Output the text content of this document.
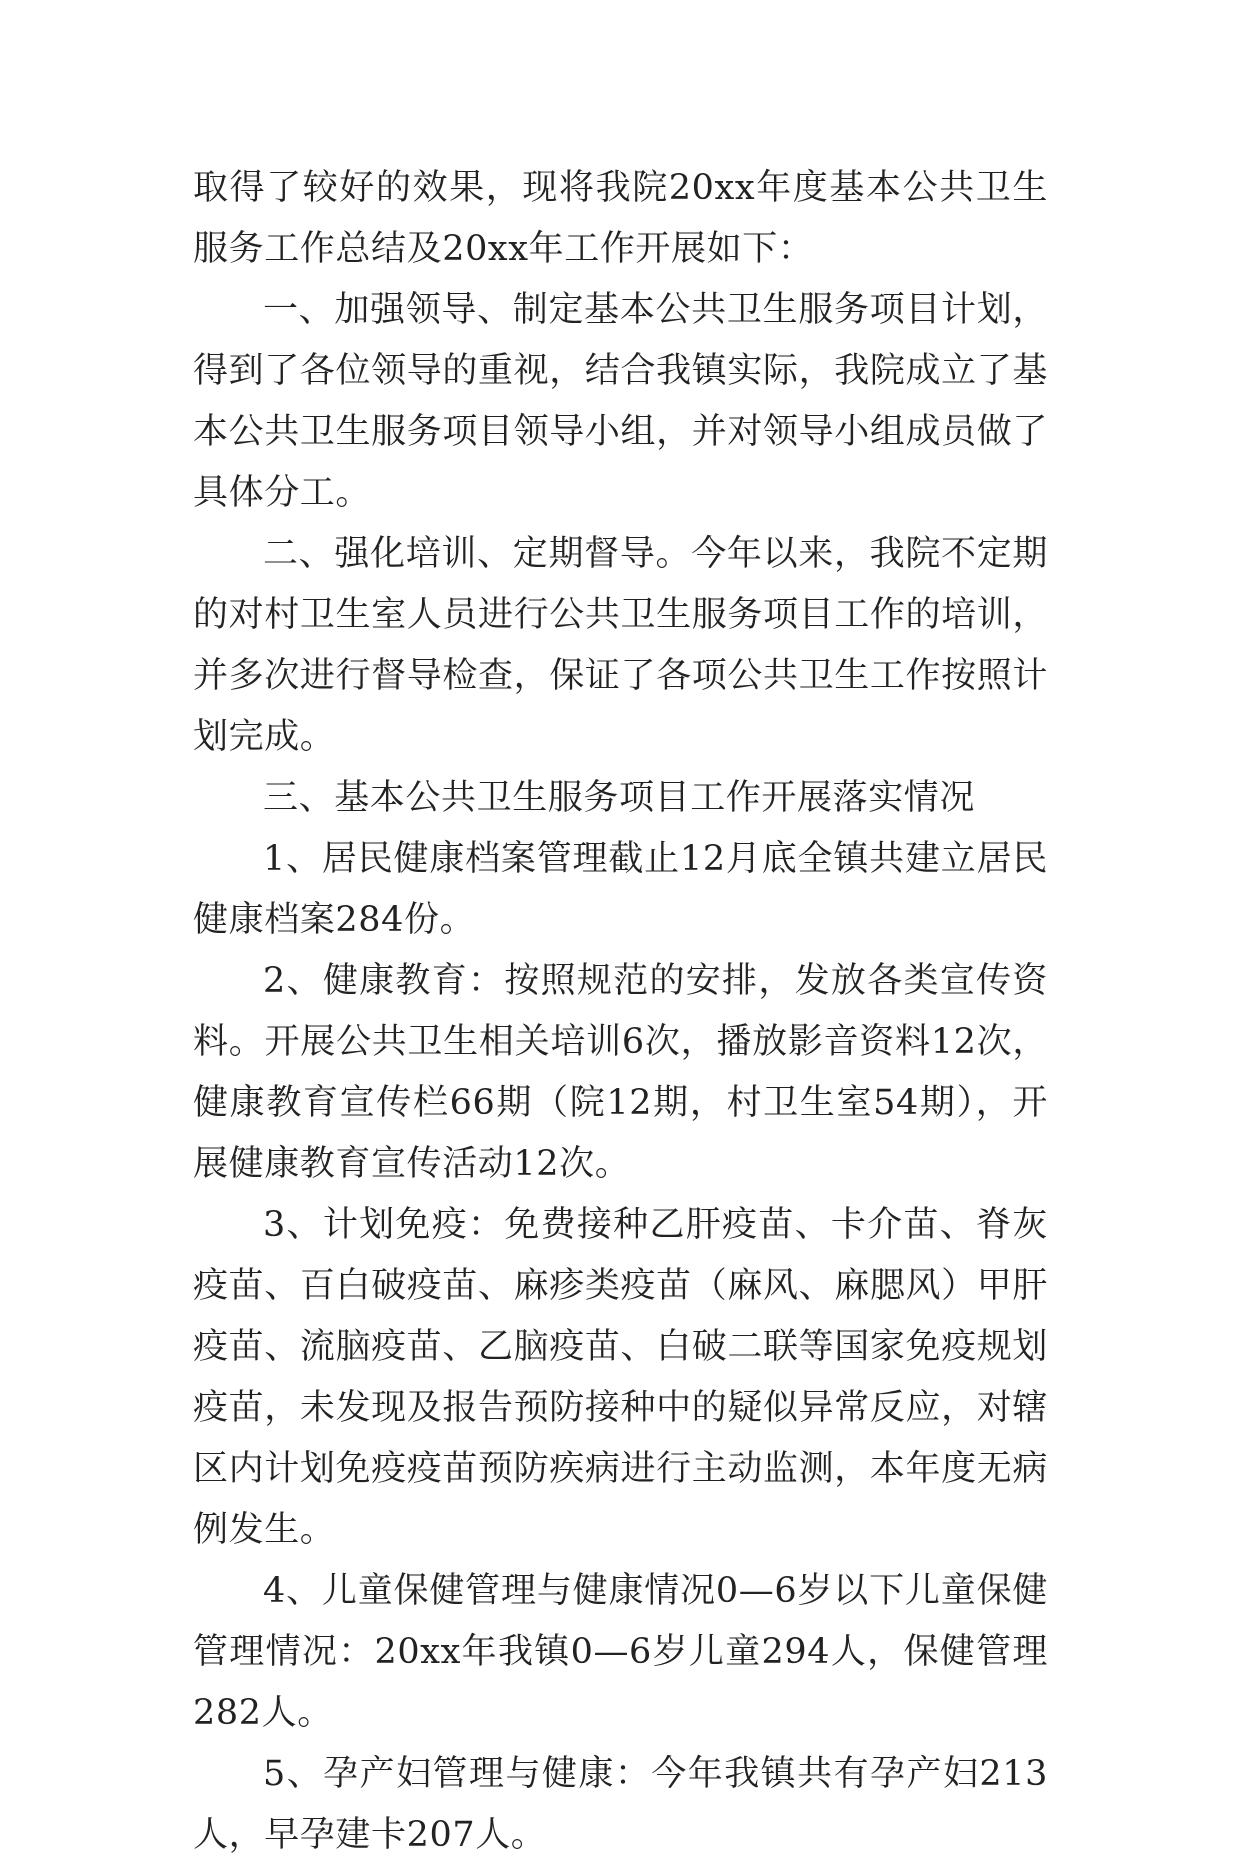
取得了较好的效果，现将我院20xx年度基本公共卫生服务工作总结及20xx年工作开展如下：

一、加强领导、制定基本公共卫生服务项目计划，得到了各位领导的重视，结合我镇实际，我院成立了基本公共卫生服务项目领导小组，并对领导小组成员做了具体分工。

二、强化培训、定期督导。今年以来，我院不定期的对村卫生室人员进行公共卫生服务项目工作的培训，并多次进行督导检查，保证了各项公共卫生工作按照计划完成。

三、基本公共卫生服务项目工作开展落实情况

1、居民健康档案管理截止12月底全镇共建立居民健康档案284份。

2、健康教育：按照规范的安排，发放各类宣传资料。开展公共卫生相关培训6次，播放影音资料12次，健康教育宣传栏66期（院12期，村卫生室54期），开展健康教育宣传活动12次。

3、计划免疫：免费接种乙肝疫苗、卡介苗、脊灰疫苗、百白破疫苗、麻疹类疫苗（麻风、麻腮风）甲肝疫苗、流脑疫苗、乙脑疫苗、白破二联等国家免疫规划疫苗，未发现及报告预防接种中的疑似异常反应，对辖区内计划免疫疫苗预防疾病进行主动监测，本年度无病例发生。

4、儿童保健管理与健康情况0—6岁以下儿童保健管理情况：20xx年我镇0—6岁儿童294人，保健管理282人。

5、孕产妇管理与健康：今年我镇共有孕产妇213人，早孕建卡207人。
